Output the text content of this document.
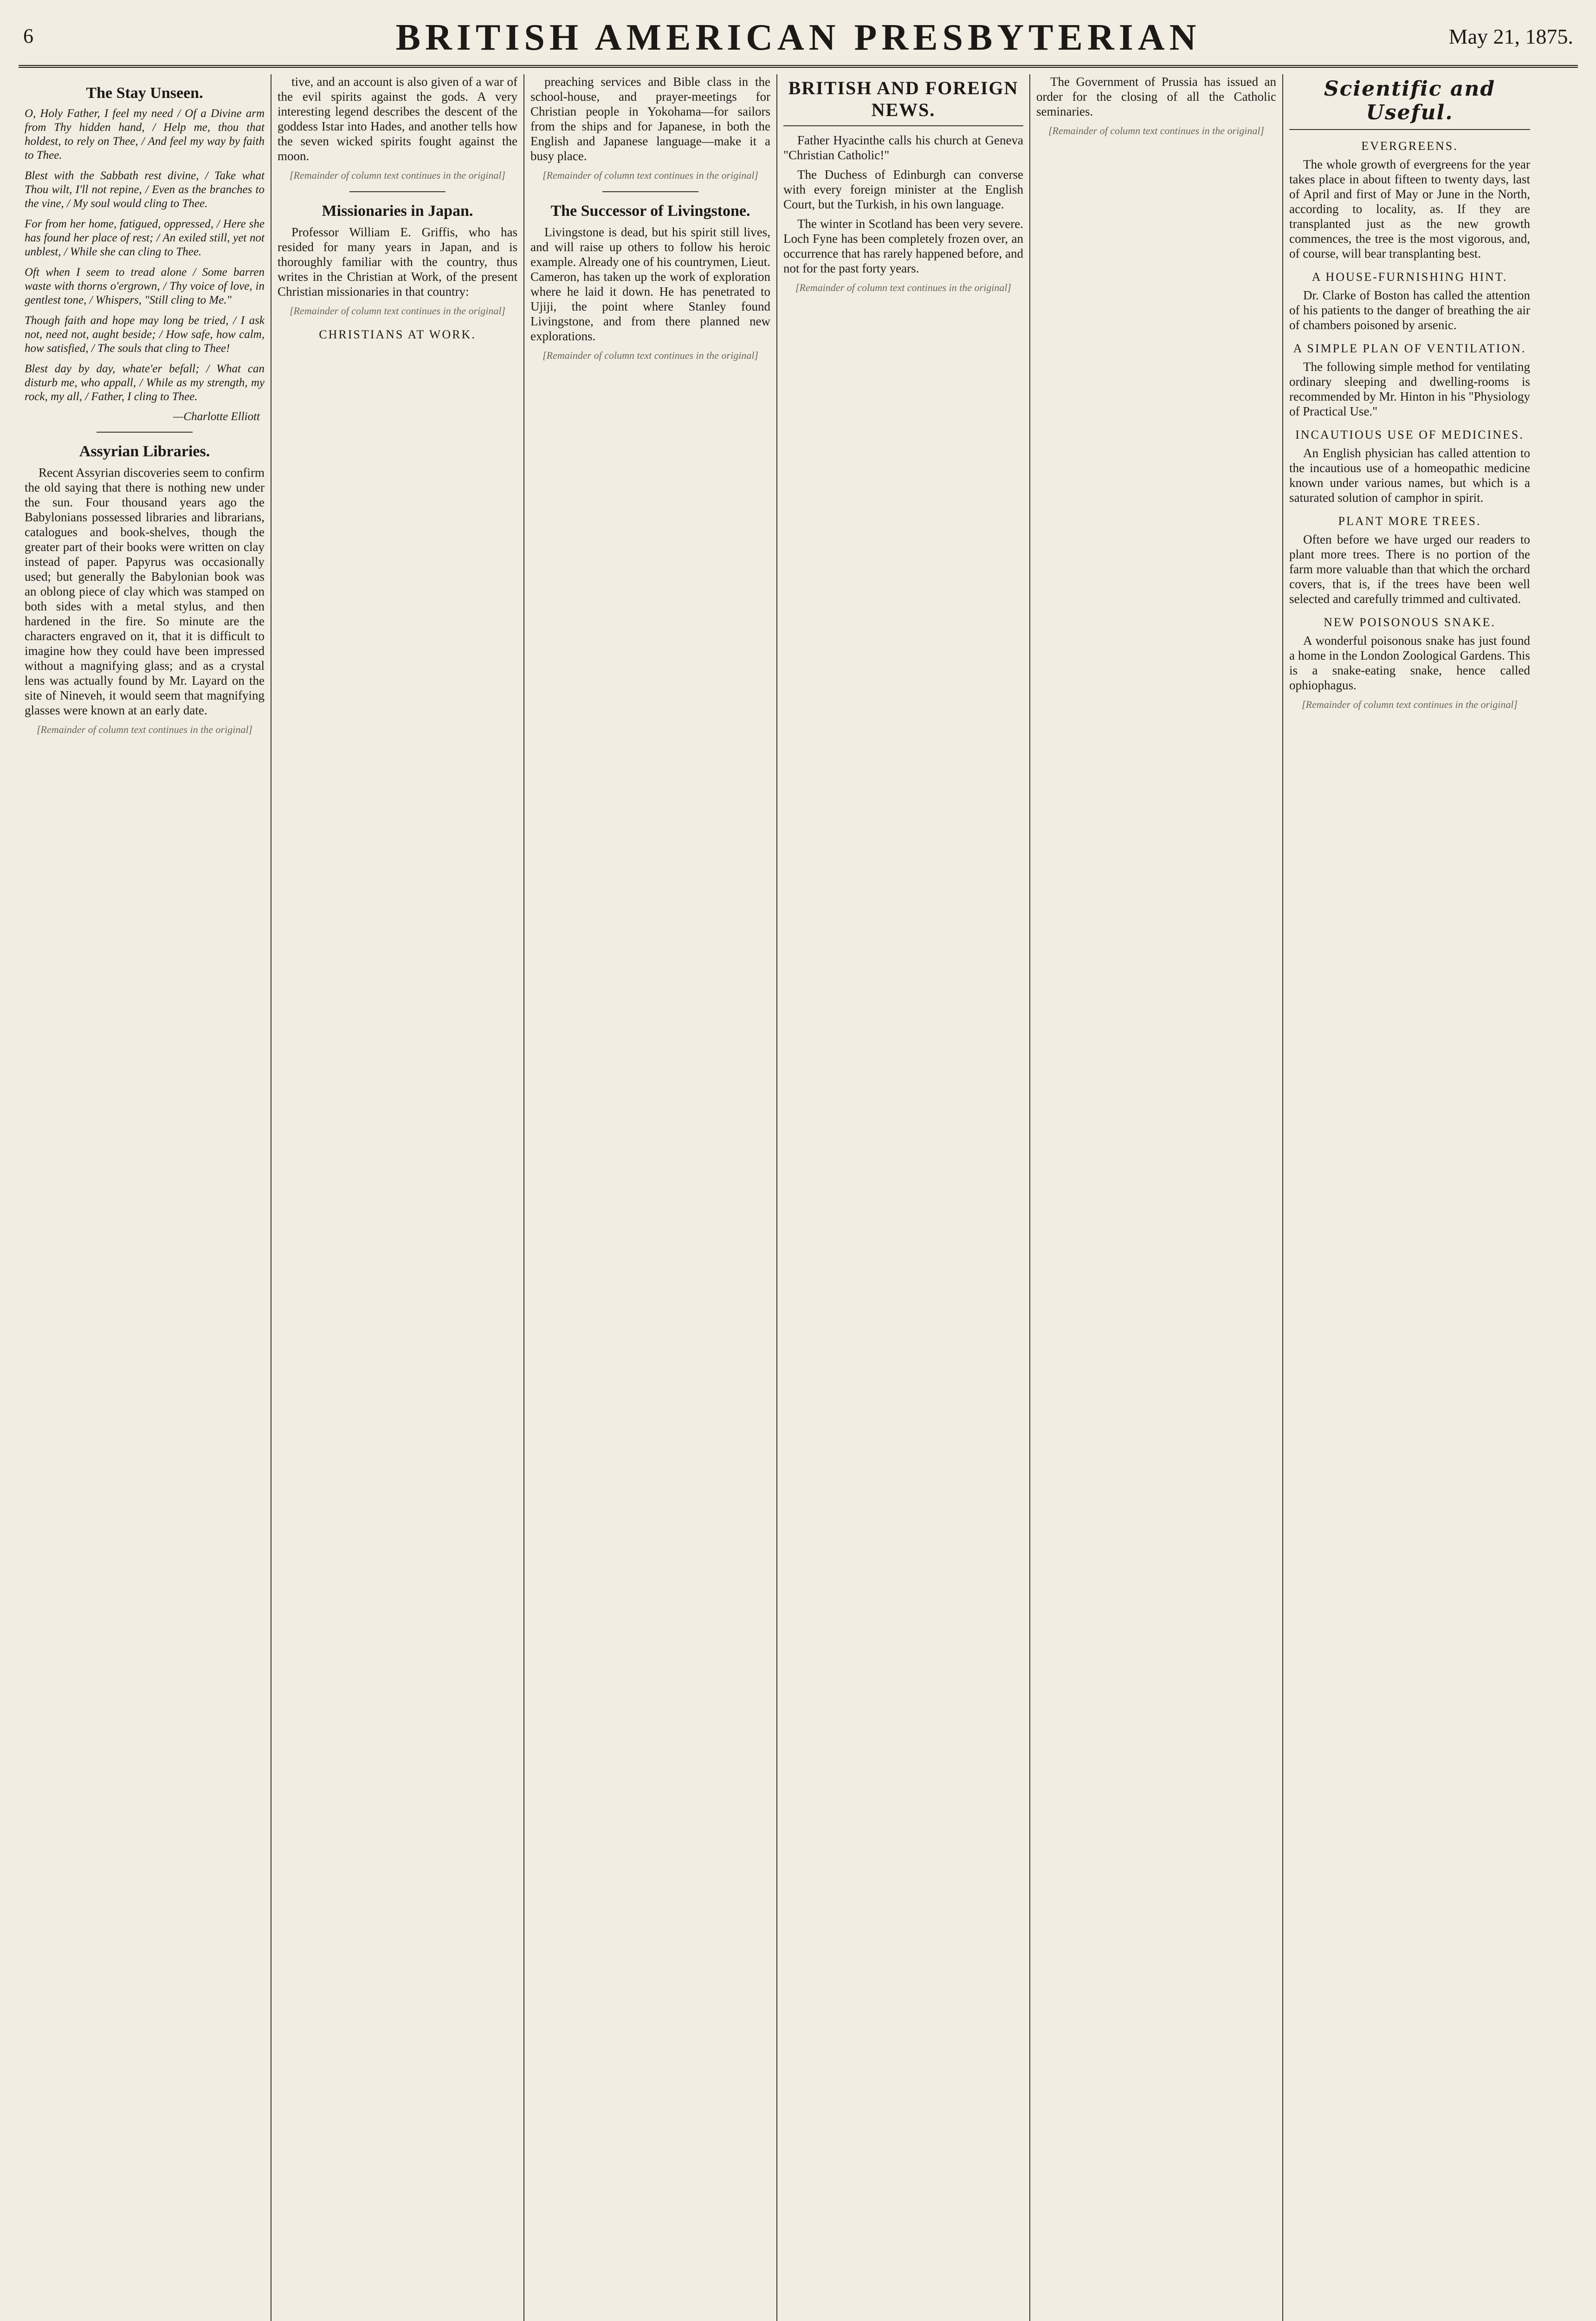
6	BRITISH AMERICAN PRESBYTERIAN	May 21, 1875.
The Stay Unseen.

O, Holy Father, I feel my need / Of a Divine arm from Thy hidden hand, / Help me, thou that holdest, to rely on Thee, / And feel my way by faith to Thee.

Blest with the Sabbath rest divine, / Take what Thou wilt, I'll not repine, / Even as the branches to the vine, / My soul would cling to Thee.

For from her home, fatigued, oppressed, / Here she has found her place of rest; / An exiled still, yet not unblest, / While she can cling to Thee.

Oft when I seem to tread alone / Some barren waste with thorns o'ergrown, / Thy voice of love, in gentlest tone, / Whispers, "Still cling to Me."

Though faith and hope may long be tried, / I ask not, need not, aught beside; / How safe, how calm, how satisfied, / The souls that cling to Thee!

Blest day by day, whate'er befall; / What can disturb me, who appall, / While as my strength, my rock, my all, / Father, I cling to Thee.

—Charlotte Elliott
Assyrian Libraries.

Recent Assyrian discoveries seem to confirm the old saying that there is nothing new under the sun. Four thousand years ago the Babylonians possessed libraries and librarians, catalogues and book-shelves, though the greater part of their books were written on clay instead of paper. Papyrus was occasionally used; but generally the Babylonian book was an oblong piece of clay which was stamped on both sides with a metal stylus, and then hardened in the fire. So minute are the characters engraved on it, that it is difficult to imagine how they could have been impressed without a magnifying glass; and as a crystal lens was actually found by Mr. Layard on the site of Nineveh, it would seem that magnifying glasses were known at an early date.

[Remainder of column text continues in the original]

tive, and an account is also given of a war of the evil spirits against the gods. A very interesting legend describes the descent of the goddess Istar into Hades, and another tells how the seven wicked spirits fought against the moon.

[Remainder of column text continues in the original]

Missionaries in Japan.

Professor William E. Griffis, who has resided for many years in Japan, and is thoroughly familiar with the country, thus writes in the Christian at Work, of the present Christian missionaries in that country:

[Remainder of column text continues in the original]

CHRISTIANS AT WORK.

preaching services and Bible class in the school-house, and prayer-meetings for Christian people in Yokohama—for sailors from the ships and for Japanese, in both the English and Japanese language—make it a busy place.

[Remainder of column text continues in the original]

The Successor of Livingstone.

Livingstone is dead, but his spirit still lives, and will raise up others to follow his heroic example. Already one of his countrymen, Lieut. Cameron, has taken up the work of exploration where he laid it down. He has penetrated to Ujiji, the point where Stanley found Livingstone, and from there planned new explorations.

[Remainder of column text continues in the original]

BRITISH AND FOREIGN NEWS.

Father Hyacinthe calls his church at Geneva "Christian Catholic!"

The Duchess of Edinburgh can converse with every foreign minister at the English Court, but the Turkish, in his own language.

The winter in Scotland has been very severe. Loch Fyne has been completely frozen over, an occurrence that has rarely happened before, and not for the past forty years.

[Remainder of column text continues in the original]

The Government of Prussia has issued an order for the closing of all the Catholic seminaries.

[Remainder of column text continues in the original]

Scientific and Useful.
EVERGREENS.

The whole growth of evergreens for the year takes place in about fifteen to twenty days, last of April and first of May or June in the North, according to locality, as. If they are transplanted just as the new growth commences, the tree is the most vigorous, and, of course, will bear transplanting best.

A HOUSE-FURNISHING HINT.

Dr. Clarke of Boston has called the attention of his patients to the danger of breathing the air of chambers poisoned by arsenic.

A SIMPLE PLAN OF VENTILATION.

The following simple method for ventilating ordinary sleeping and dwelling-rooms is recommended by Mr. Hinton in his "Physiology of Practical Use."

INCAUTIOUS USE OF MEDICINES.

An English physician has called attention to the incautious use of a homeopathic medicine known under various names, but which is a saturated solution of camphor in spirit.

PLANT MORE TREES.

Often before we have urged our readers to plant more trees. There is no portion of the farm more valuable than that which the orchard covers, that is, if the trees have been well selected and carefully trimmed and cultivated.

NEW POISONOUS SNAKE.

A wonderful poisonous snake has just found a home in the London Zoological Gardens. This is a snake-eating snake, hence called ophiophagus.

[Remainder of column text continues in the original]
